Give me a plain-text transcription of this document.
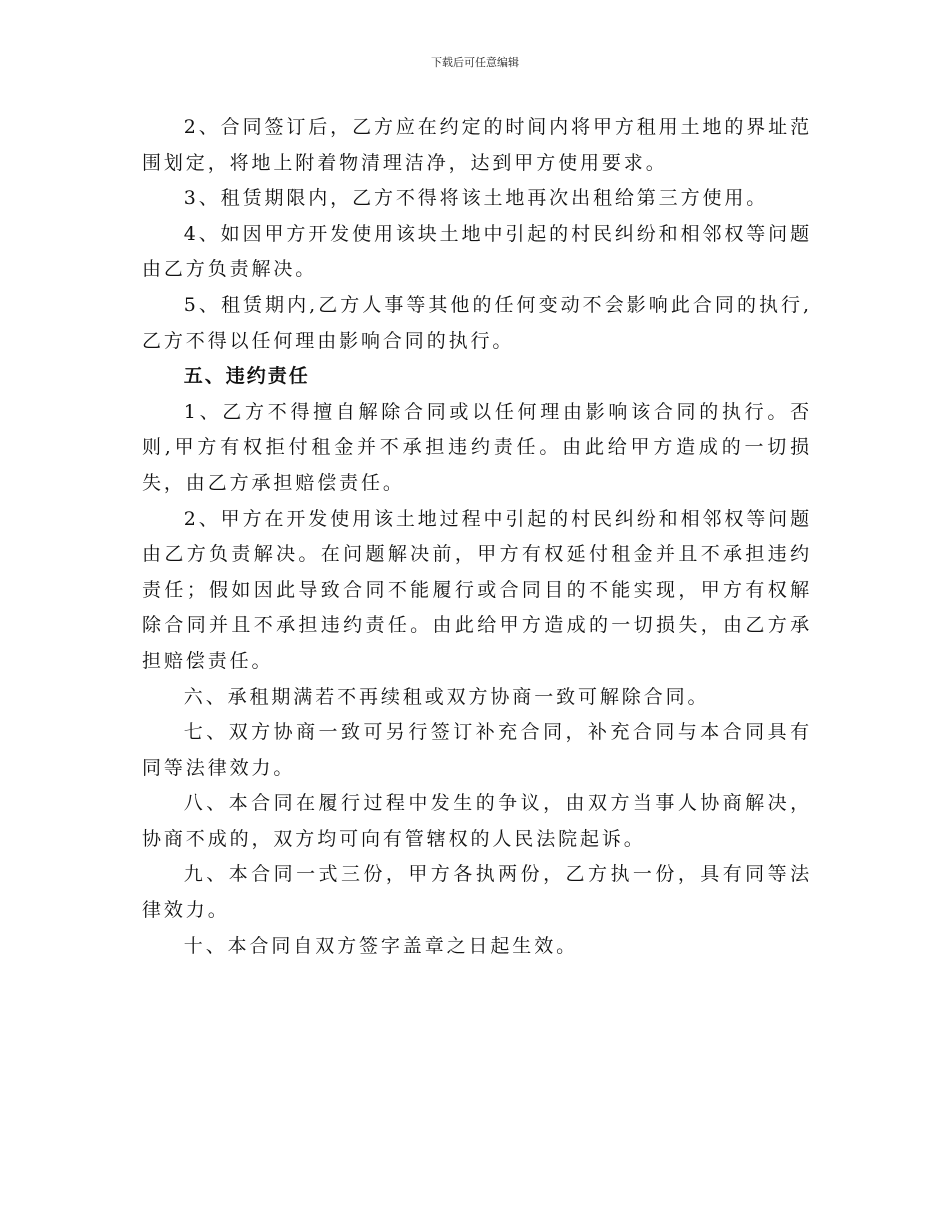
下载后可任意编辑

2、合同签订后，乙方应在约定的时间内将甲方租用土地的界址范围划定，将地上附着物清理洁净，达到甲方使用要求。

3、租赁期限内，乙方不得将该土地再次出租给第三方使用。

4、如因甲方开发使用该块土地中引起的村民纠纷和相邻权等问题由乙方负责解决。

5、租赁期内,乙方人事等其他的任何变动不会影响此合同的执行,乙方不得以任何理由影响合同的执行。

五、违约责任

1、乙方不得擅自解除合同或以任何理由影响该合同的执行。否则,甲方有权拒付租金并不承担违约责任。由此给甲方造成的一切损失，由乙方承担赔偿责任。

2、甲方在开发使用该土地过程中引起的村民纠纷和相邻权等问题由乙方负责解决。在问题解决前，甲方有权延付租金并且不承担违约责任；假如因此导致合同不能履行或合同目的不能实现，甲方有权解除合同并且不承担违约责任。由此给甲方造成的一切损失，由乙方承担赔偿责任。

六、承租期满若不再续租或双方协商一致可解除合同。

七、双方协商一致可另行签订补充合同，补充合同与本合同具有同等法律效力。

八、本合同在履行过程中发生的争议，由双方当事人协商解决，协商不成的，双方均可向有管辖权的人民法院起诉。

九、本合同一式三份，甲方各执两份，乙方执一份，具有同等法律效力。

十、本合同自双方签字盖章之日起生效。
